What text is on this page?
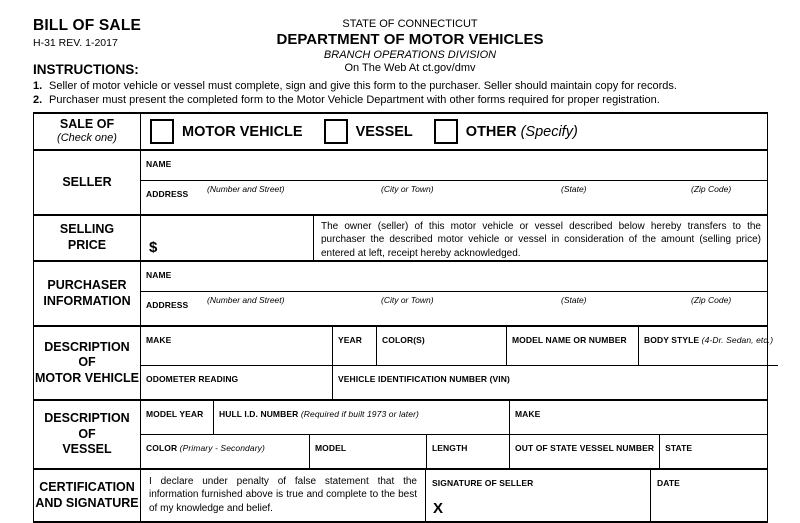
BILL OF SALE
H-31 REV. 1-2017
INSTRUCTIONS:
STATE OF CONNECTICUT
DEPARTMENT OF MOTOR VEHICLES
BRANCH OPERATIONS DIVISION
On The Web At ct.gov/dmv
1. Seller of motor vehicle or vessel must complete, sign and give this form to the purchaser. Seller should maintain copy for records.
2. Purchaser must present the completed form to the Motor Vehicle Department with other forms required for proper registration.
SALE OF
(Check one)	MOTOR VEHICLE	VESSEL	OTHER (Specify)
SELLER
NAME
ADDRESS (Number and Street)	(City or Town)	(State)	(Zip Code)
SELLING
PRICE	$
The owner (seller) of this motor vehicle or vessel described below hereby transfers to the purchaser the described motor vehicle or vessel in consideration of the amount (selling price) entered at left, receipt hereby acknowledged.
PURCHASER
INFORMATION
NAME
ADDRESS (Number and Street)	(City or Town)	(State)	(Zip Code)
DESCRIPTION
OF
MOTOR VEHICLE
MAKE	YEAR	COLOR(S)	MODEL NAME OR NUMBER	BODY STYLE (4-Dr. Sedan, etc.)
ODOMETER READING	VEHICLE IDENTIFICATION NUMBER (VIN)
DESCRIPTION
OF
VESSEL
MODEL YEAR	HULL I.D. NUMBER (Required if built 1973 or later)	MAKE
COLOR (Primary - Secondary)	MODEL	LENGTH	OUT OF STATE VESSEL NUMBER	STATE
CERTIFICATION
AND SIGNATURE
I declare under penalty of false statement that the information furnished above is true and complete to the best of my knowledge and belief.
SIGNATURE OF SELLER
X
DATE
